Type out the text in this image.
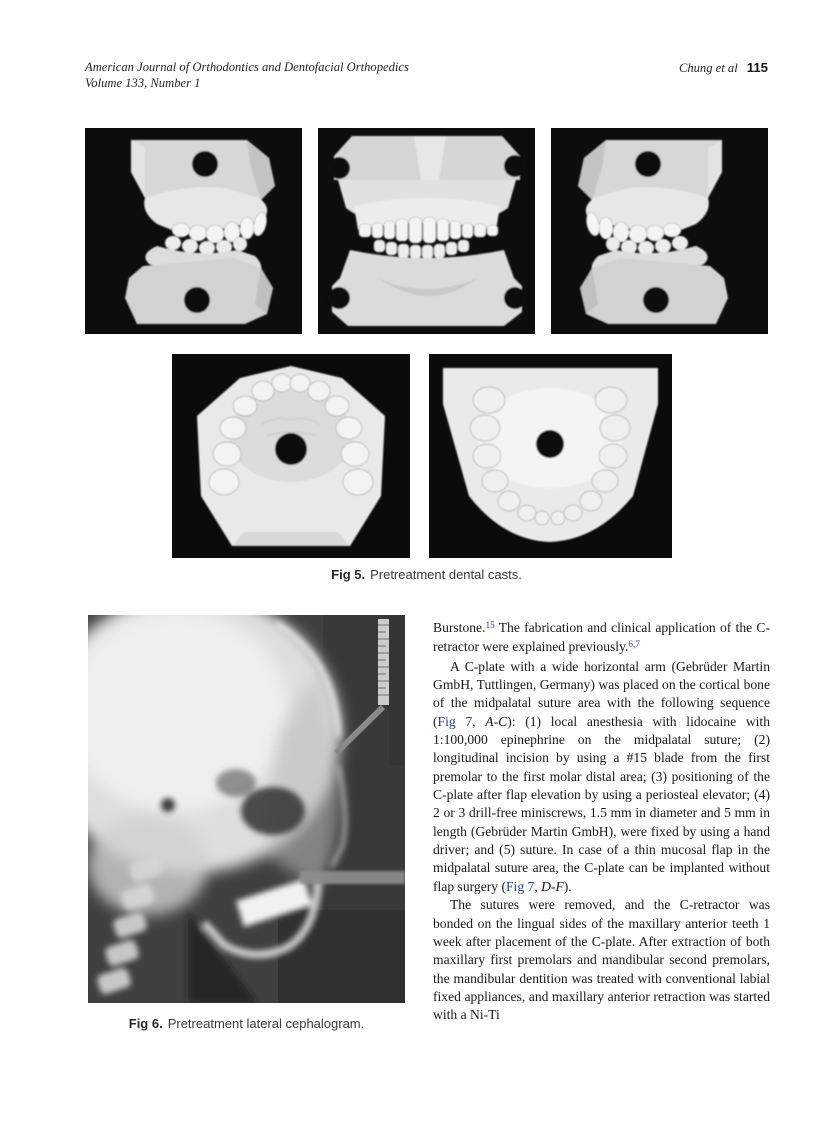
American Journal of Orthodontics and Dentofacial Orthopedics
Volume 133, Number 1
Chung et al 115
Fig 5. Pretreatment dental casts.
Fig 6. Pretreatment lateral cephalogram.

Burstone.$^{15}$ The fabrication and clinical application of the C-retractor were explained previously.$^{6,7}$

A C-plate with a wide horizontal arm (Gebrüder Martin GmbH, Tuttlingen, Germany) was placed on the cortical bone of the midpalatal suture area with the following sequence (Fig 7, A-C): (1) local anesthesia with lidocaine with 1:100,000 epinephrine on the midpalatal suture; (2) longitudinal incision by using a #15 blade from the first premolar to the first molar distal area; (3) positioning of the C-plate after flap elevation by using a periosteal elevator; (4) 2 or 3 drill-free miniscrews, 1.5 mm in diameter and 5 mm in length (Gebrüder Martin GmbH), were fixed by using a hand driver; and (5) suture. In case of a thin mucosal flap in the midpalatal suture area, the C-plate can be implanted without flap surgery (Fig 7, D-F).

The sutures were removed, and the C-retractor was bonded on the lingual sides of the maxillary anterior teeth 1 week after placement of the C-plate. After extraction of both maxillary first premolars and mandibular second premolars, the mandibular dentition was treated with conventional labial fixed appliances, and maxillary anterior retraction was started with a Ni-Ti
